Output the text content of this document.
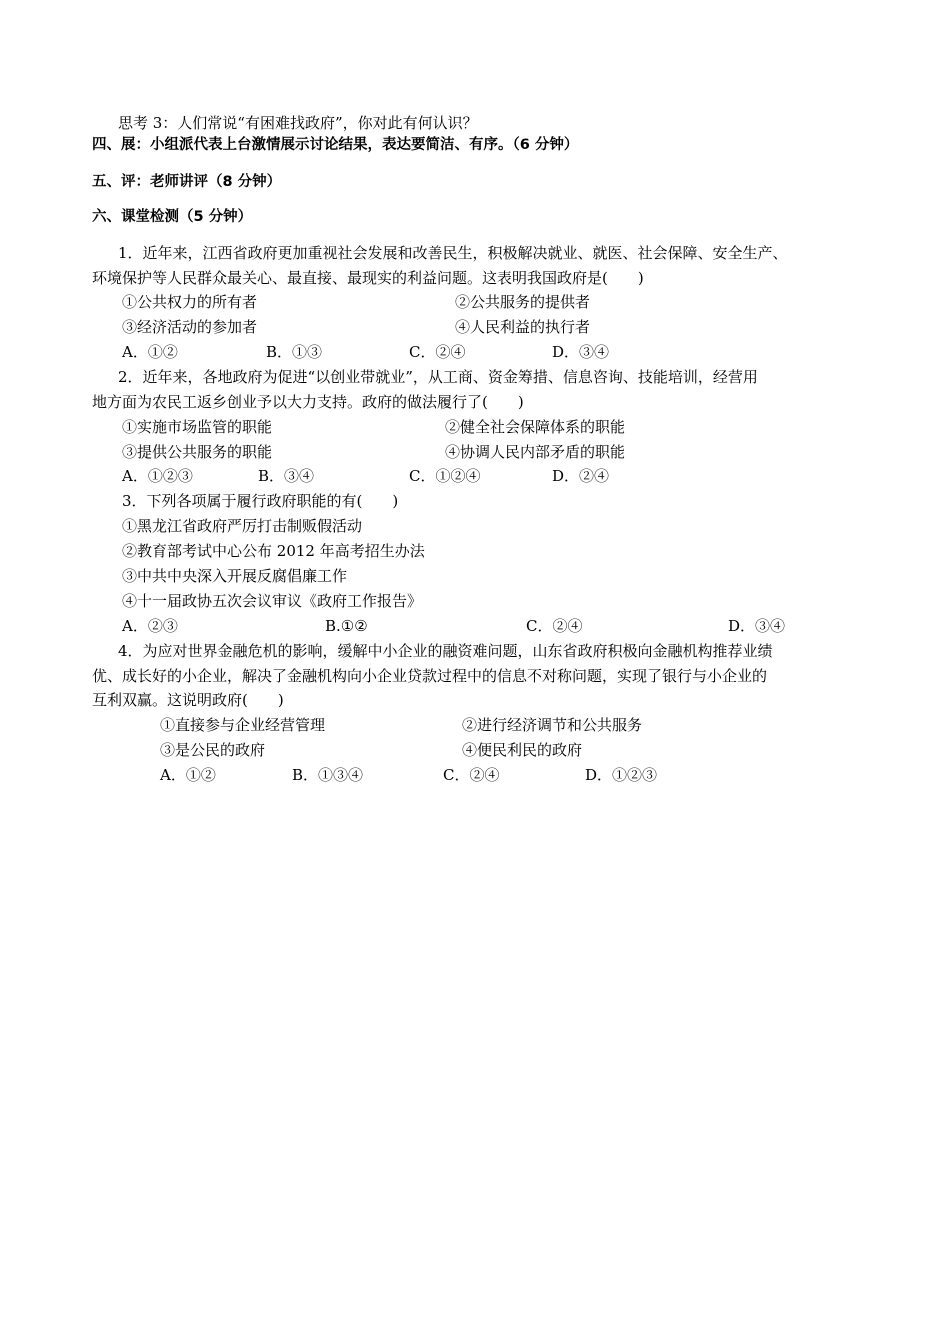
思考 3：人们常说“有困难找政府”，你对此有何认识？
四、展：小组派代表上台激情展示讨论结果，表达要简洁、有序。（6 分钟）
五、评：老师讲评（8 分钟）
六、课堂检测（5 分钟）
1．近年来，江西省政府更加重视社会发展和改善民生，积极解决就业、就医、社会保障、安全生产、
环境保护等人民群众最关心、最直接、最现实的利益问题。这表明我国政府是(　　)
①公共权力的所有者	②公共服务的提供者
③经济活动的参加者	④人民利益的执行者
A．①②	B．①③	C．②④	D．③④
2．近年来，各地政府为促进“以创业带就业”，从工商、资金筹措、信息咨询、技能培训，经营用
地方面为农民工返乡创业予以大力支持。政府的做法履行了(　　)
①实施市场监管的职能	②健全社会保障体系的职能
③提供公共服务的职能	④协调人民内部矛盾的职能
A．①②③	B．③④	C．①②④	D．②④
3．下列各项属于履行政府职能的有(　　)
①黑龙江省政府严厉打击制贩假活动
②教育部考试中心公布 2012 年高考招生办法
③中共中央深入开展反腐倡廉工作
④十一届政协五次会议审议《政府工作报告》
A．②③	B.①②	C．②④	D．③④
4．为应对世界金融危机的影响，缓解中小企业的融资难问题，山东省政府积极向金融机构推荐业绩
优、成长好的小企业，解决了金融机构向小企业贷款过程中的信息不对称问题，实现了银行与小企业的
互利双赢。这说明政府(　　)
①直接参与企业经营管理	②进行经济调节和公共服务
③是公民的政府	④便民利民的政府
A．①②	B．①③④	C．②④	D．①②③
